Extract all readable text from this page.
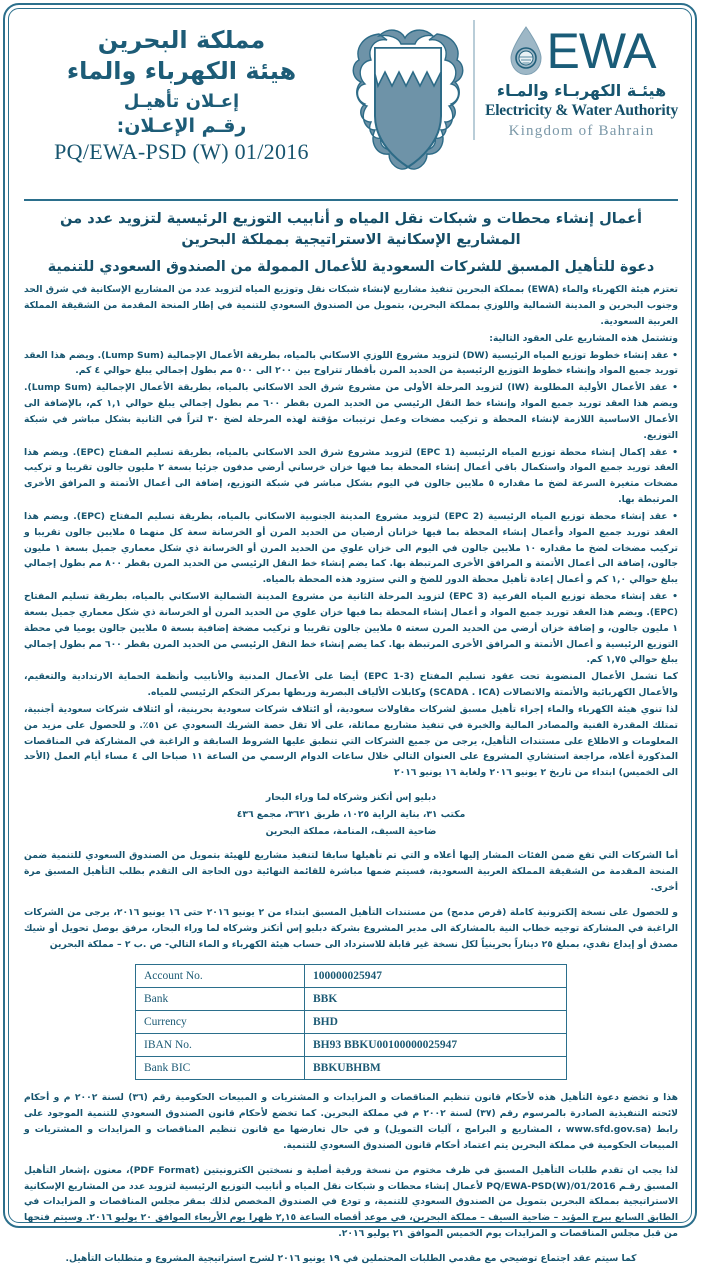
مملكة البحرين
هيئة الكهرباء والماء
إعـلان تأهيـل
رقـم الإعـلان:
PQ/EWA-PSD (W) 01/2016
EWA
هيئـة الكهربـاء والمـاء
Electricity & Water Authority
Kingdom of Bahrain
أعمال إنشاء محطات و شبكات نقل المياه و أنابيب التوزيع الرئيسية لتزويد عدد من المشاريع الإسكانية الاستراتيجية بمملكة البحرين
دعوة للتأهيل المسبق للشركات السعودية للأعمال الممولة من الصندوق السعودي للتنمية

تعتزم هيئة الكهرباء والماء (EWA) بمملكة البحرين تنفيذ مشاريع لإنشاء شبكات نقل وتوزيع المياه لتزويد عدد من المشاريع الإسكانية في شرق الحد وجنوب البحرين و المدينة الشمالية واللوزي بمملكة البحرين، بتمويل من الصندوق السعودي للتنمية في إطار المنحة المقدمة من الشقيقة المملكة العربية السعودية.

وتشتمل هذه المشاريع على العقود التالية:

• عقد إنشاء خطوط توزيع المياه الرئيسية (DW) لتزويد مشروع اللوزي الاسكاني بالمياه، بطريقة الأعمال الإجمالية (Lump Sum). ويضم هذا العقد توريد جميع المواد وإنشاء خطوط التوزيع الرئيسية من الحديد المرن بأقطار تتراوح بين ٢٠٠ الى ٥٠٠ مم بطول إجمالي يبلغ حوالي ٤ كم.

• عقد الأعمال الأولية المطلوبة (IW) لتزويد المرحلة الأولى من مشروع شرق الحد الاسكاني بالمياه، بطريقة الأعمال الإجمالية (Lump Sum). ويضم هذا العقد توريد جميع المواد وإنشاء خط النقل الرئيسي من الحديد المرن بقطر ٦٠٠ مم بطول إجمالي يبلغ حوالي ١,١ كم، بالإضافة الى الأعمال الاساسية اللازمة لإنشاء المحطة و تركيب مضخات وعمل ترتيبات مؤقتة لهذه المرحلة لضخ ٣٠ لتراً في الثانية بشكل مباشر في شبكة التوزيع.

• عقد إكمال إنشاء محطة توزيع المياه الرئيسية (EPC 1) لتزويد مشروع شرق الحد الاسكاني بالمياه، بطريقة تسليم المفتاح (EPC). ويضم هذا العقد توريد جميع المواد واستكمال باقي أعمال إنشاء المحطة بما فيها خزان خرساني أرضي مدفون جزئيا بسعة ٢ مليون جالون تقريبا و تركيب مضخات متغيرة السرعة لضخ ما مقداره ٥ ملايين جالون في اليوم بشكل مباشر في شبكة التوزيع، إضافة الى أعمال الأتمتة و المرافق الأخرى المرتبطة بها.

• عقد إنشاء محطة توزيع المياه الرئيسية (EPC 2) لتزويد مشروع المدينة الجنوبية الاسكاني بالمياه، بطريقة تسليم المفتاح (EPC). ويضم هذا العقد توريد جميع المواد وأعمال إنشاء المحطة بما فيها خزانان أرضيان من الحديد المرن أو الخرسانة سعة كل منهما ٥ ملايين جالون تقريبا و تركيب مضخات لضخ ما مقداره ١٠ ملايين جالون في اليوم الى خزان علوي من الحديد المرن أو الخرسانة ذي شكل معماري جميل بسعة ١ مليون جالون، إضافة الى أعمال الأتمتة و المرافق الأخرى المرتبطة بها. كما يضم إنشاء خط النقل الرئيسي من الحديد المرن بقطر ٨٠٠ مم بطول إجمالي يبلغ حوالي ١,٠ كم و أعمال إعادة تأهيل محطة الدور للضخ و التي ستزود هذه المحطة بالمياه.

• عقد إنشاء محطة توزيع المياه الفرعية (EPC 3) لتزويد المرحلة الثانية من مشروع المدينة الشمالية الاسكاني بالمياه، بطريقة تسليم المفتاح (EPC). ويضم هذا العقد توريد جميع المواد و أعمال إنشاء المحطة بما فيها خزان علوي من الحديد المرن أو الخرسانة ذي شكل معماري جميل بسعة ١ مليون جالون، و إضافة خزان أرضي من الحديد المرن سعته ٥ ملايين جالون تقريبا و تركيب مضخة إضافية بسعة ٥ ملايين جالون يوميا في محطة التوزيع الرئيسية و أعمال الأتمتة و المرافق الأخرى المرتبطة بها. كما يضم إنشاء خط النقل الرئيسي من الحديد المرن بقطر ٦٠٠ مم بطول إجمالي يبلغ حوالي ١,٧٥ كم.

كما تشمل الأعمال المنضوية تحت عقود تسليم المفتاح (EPC 1-3) أيضا على الأعمال المدنية والأنابيب وأنظمة الحماية الارتدادية والتعقيم، والأعمال الكهربائية والأتمتة والاتصالات (SCADA . ICA) وكابلات الألياف البصرية وربطها بمركز التحكم الرئيسي للمياه.

لذا تنوي هيئة الكهرباء والماء إجراء تأهيل مسبق لشركات مقاولات سعودية، أو ائتلاف شركات سعودية بحرينية، أو ائتلاف شركات سعودية أجنبية، تمتلك المقدرة الفنية والمصادر المالية والخبرة في تنفيذ مشاريع مماثلة، على ألا تقل حصة الشريك السعودي عن ٥١٪. و للحصول على مزيد من المعلومات و الاطلاع على مستندات التأهيل، يرجى من جميع الشركات التي تنطبق عليها الشروط السابقة و الراغبة في المشاركة في المناقصات المذكورة أعلاه، مراجعة استشاري المشروع على العنوان التالي خلال ساعات الدوام الرسمي من الساعة ١١ صباحا الى ٤ مساء أيام العمل (الأحد الى الخميس) ابتداء من تاريخ ٢ يونيو ٢٠١٦ ولغاية ١٦ يونيو ٢٠١٦

دبليو إس أتكنز وشركاه لما وراء البحار

مكتب ٣١، بناية الراية ١٠٢٥، طريق ٣٦٢١، مجمع ٤٣٦

ضاحية السيف، المنامة، مملكة البحرين

أما الشركات التي تقع ضمن الفئات المشار إليها أعلاه و التي تم تأهيلها سابقا لتنفيذ مشاريع للهيئة بتمويل من الصندوق السعودي للتنمية ضمن المنحة المقدمة من الشقيقة المملكة العربية السعودية، فسيتم ضمها مباشرة للقائمة النهائية دون الحاجة الى التقدم بطلب التأهيل المسبق مرة أخرى.

و للحصول على نسخة إلكترونية كاملة (قرص مدمج) من مستندات التأهيل المسبق ابتداء من ٢ يونيو ٢٠١٦ حتى ١٦ يونيو ٢٠١٦، يرجى من الشركات الراغبة في المشاركة توجيه خطاب النية بالمشاركة الى مدير المشروع بشركة دبليو إس أتكنز وشركاه لما وراء البحار، مرفق بوصل تحويل أو شيك مصدق أو إيداع نقدي، بمبلغ ٢٥ ديناراً بحرينياً لكل نسخة غير قابلة للاسترداد الى حساب هيئة الكهرباء و الماء التالي- ص .ب ٢ – مملكة البحرين

Account No.	100000025947
Bank	BBK
Currency	BHD
IBAN No.	BH93 BBKU00100000025947
Bank BIC	BBKUBHBM

هذا و تخضع دعوة التأهيل هذه لأحكام قانون تنظيم المناقصات و المزايدات و المشتريات و المبيعات الحكومية رقم (٣٦) لسنة ٢٠٠٢ م و أحكام لائحته التنفيذية الصادرة بالمرسوم رقم (٣٧) لسنة ٢٠٠٢ م في مملكة البحرين. كما تخضع لأحكام قانون الصندوق السعودي للتنمية الموجود على رابط (www.sfd.gov.sa ، المشاريع و البرامج ، آليات التمويل) و في حال تعارضها مع قانون تنظيم المناقصات و المزايدات و المشتريات و المبيعات الحكومية في مملكة البحرين يتم اعتماد أحكام قانون الصندوق السعودي للتنمية.

لذا يجب ان تقدم طلبات التأهيل المسبق في ظرف مختوم من نسخة ورقية أصلية و نسختين الكترونيتين (PDF Format)، معنون ،إشعار التأهيل المسبق رقـم PQ/EWA-PSD(W)/01/2016 لأعمال إنشاء محطات و شبكات نقل المياه و أنابيب التوزيع الرئيسية لتزويد عدد من المشاريع الإسكانية الاستراتيجية بمملكة البحرين بتمويل من الصندوق السعودي للتنمية، و تودع في الصندوق المخصص لذلك بمقر مجلس المناقصات و المزايدات في الطابق السابع ببرج المؤيد – ضاحية السيف – مملكة البحرين، في موعد أقصاه الساعة ٢,١٥ ظهرا يوم الأربعاء الموافق ٢٠ يوليو ٢٠١٦. وسيتم فتحها من قبل مجلس المناقصات و المزايدات يوم الخميس الموافق ٢١ يوليو ٢٠١٦.

كما سيتم عقد اجتماع توضيحي مع مقدمي الطلبات المحتملين في ١٩ يونيو ٢٠١٦ لشرح استراتيجية المشروع و متطلبات التأهيل.
